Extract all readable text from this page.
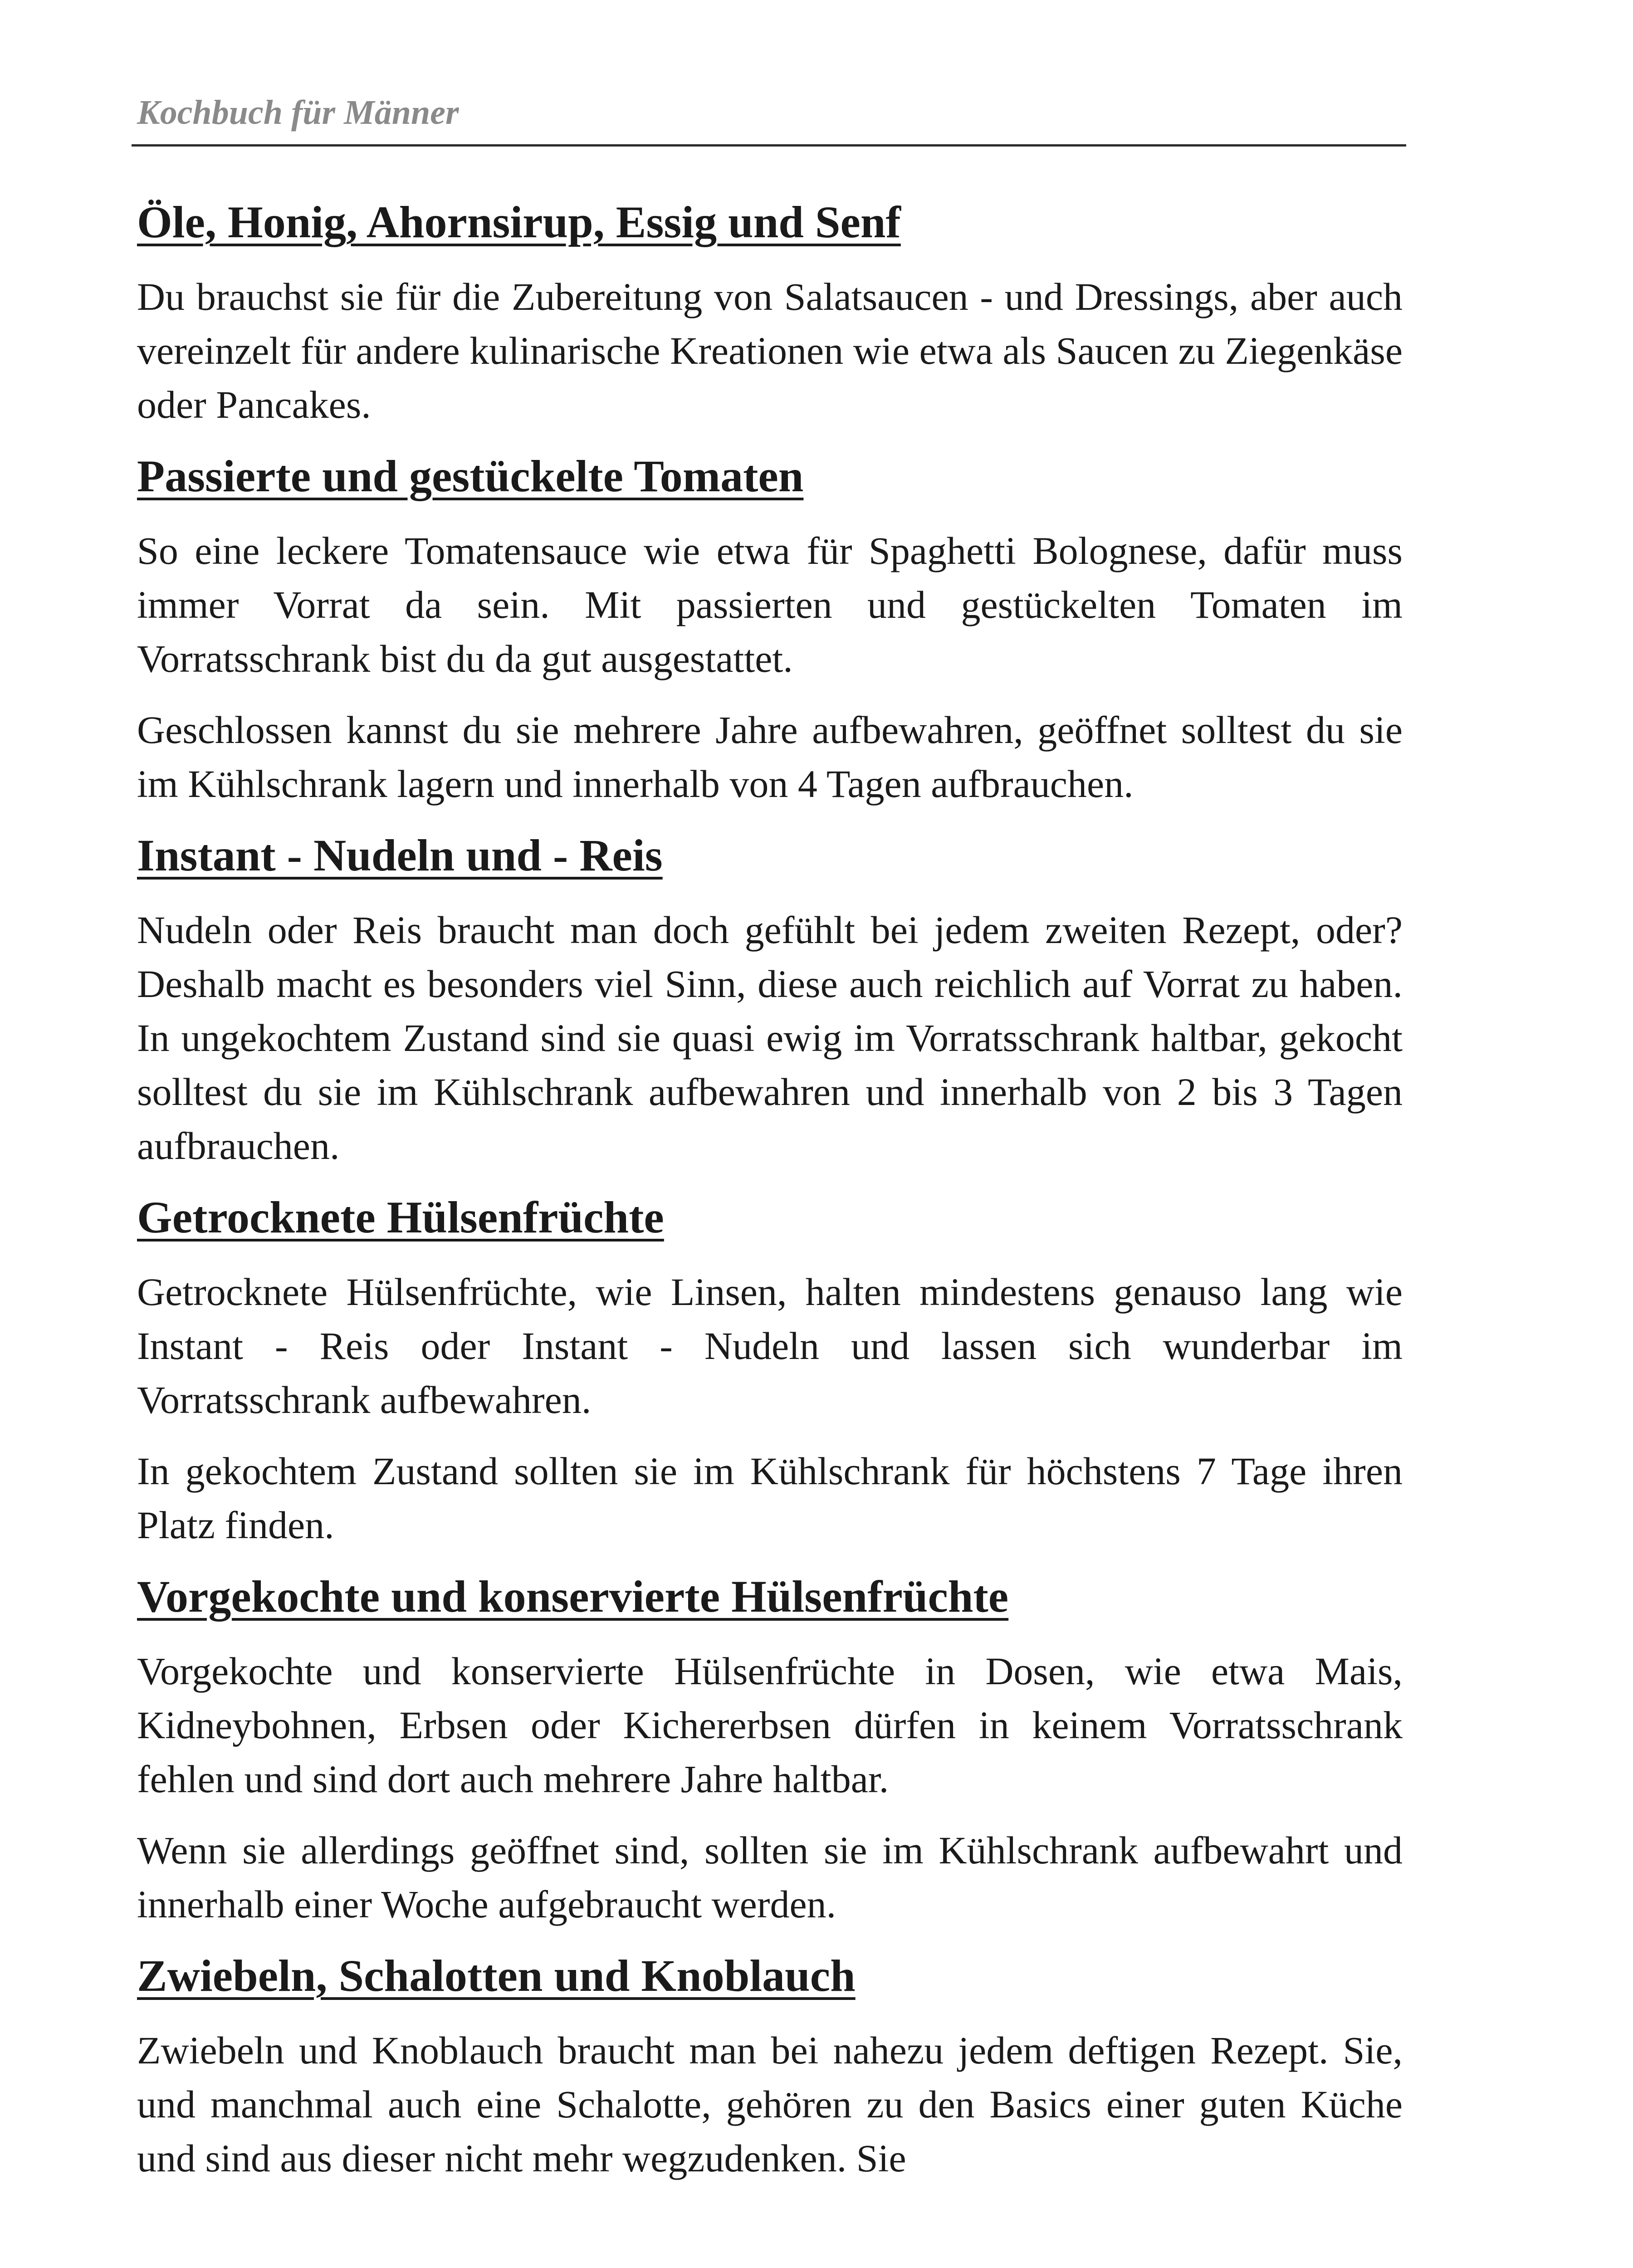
Kochbuch für Männer
Öle, Honig, Ahornsirup, Essig und Senf

Du brauchst sie für die Zubereitung von Salatsaucen - und Dressings, aber auch vereinzelt für andere kulinarische Kreationen wie etwa als Saucen zu Ziegenkäse oder Pancakes.

Passierte und gestückelte Tomaten

So eine leckere Tomatensauce wie etwa für Spaghetti Bolognese, dafür muss immer Vorrat da sein. Mit passierten und gestückelten Tomaten im Vorratsschrank bist du da gut ausgestattet.

Geschlossen kannst du sie mehrere Jahre aufbewahren, geöffnet solltest du sie im Kühlschrank lagern und innerhalb von 4 Tagen aufbrauchen.

Instant - Nudeln und - Reis

Nudeln oder Reis braucht man doch gefühlt bei jedem zweiten Rezept, oder? Deshalb macht es besonders viel Sinn, diese auch reichlich auf Vorrat zu haben. In ungekochtem Zustand sind sie quasi ewig im Vorratsschrank haltbar, gekocht solltest du sie im Kühlschrank aufbewahren und innerhalb von 2 bis 3 Tagen aufbrauchen.

Getrocknete Hülsenfrüchte

Getrocknete Hülsenfrüchte, wie Linsen, halten mindestens genauso lang wie Instant - Reis oder Instant - Nudeln und lassen sich wunderbar im Vorratsschrank aufbewahren.

In gekochtem Zustand sollten sie im Kühlschrank für höchstens 7 Tage ihren Platz finden.

Vorgekochte und konservierte Hülsenfrüchte

Vorgekochte und konservierte Hülsenfrüchte in Dosen, wie etwa Mais, Kidneybohnen, Erbsen oder Kichererbsen dürfen in keinem Vorratsschrank fehlen und sind dort auch mehrere Jahre haltbar.

Wenn sie allerdings geöffnet sind, sollten sie im Kühlschrank aufbewahrt und innerhalb einer Woche aufgebraucht werden.

Zwiebeln, Schalotten und Knoblauch

Zwiebeln und Knoblauch braucht man bei nahezu jedem deftigen Rezept. Sie, und manchmal auch eine Schalotte, gehören zu den Basics einer guten Küche und sind aus dieser nicht mehr wegzudenken. Sie
